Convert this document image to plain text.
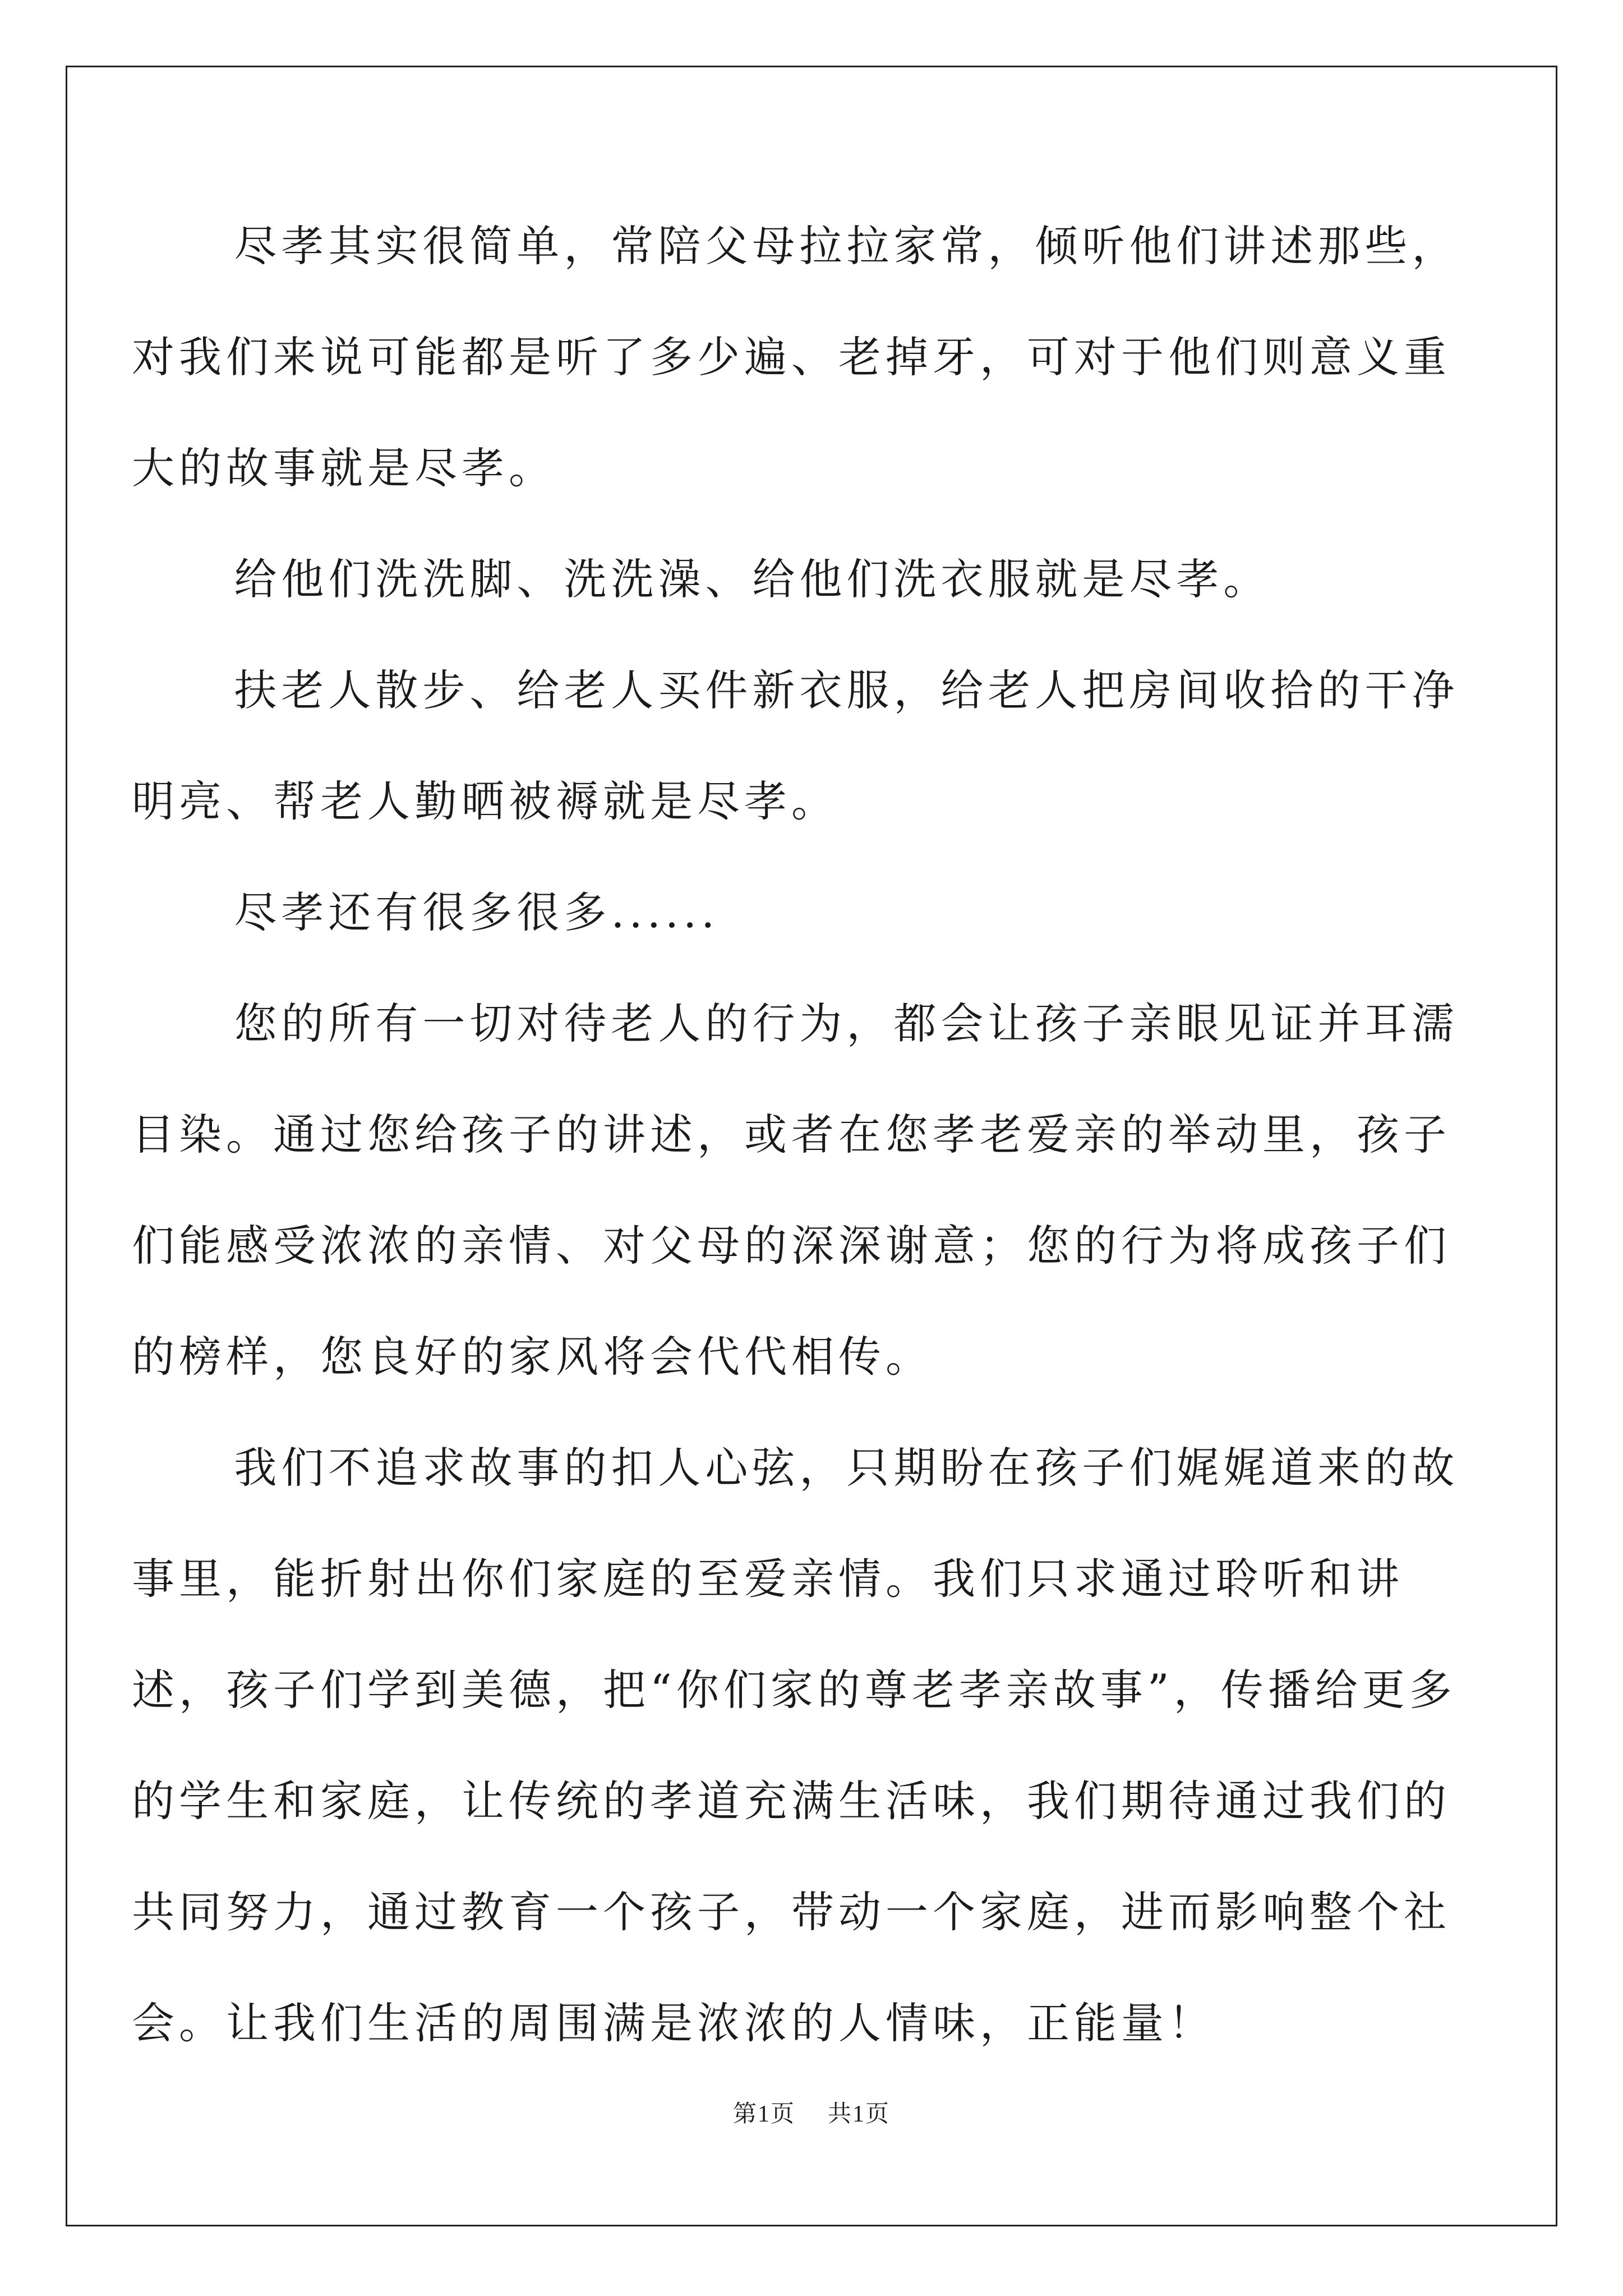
尽孝其实很简单，常陪父母拉拉家常，倾听他们讲述那些，对我们来说可能都是听了多少遍、老掉牙，可对于他们则意义重大的故事就是尽孝。

给他们洗洗脚、洗洗澡、给他们洗衣服就是尽孝。

扶老人散步、给老人买件新衣服，给老人把房间收拾的干净明亮、帮老人勤晒被褥就是尽孝。

尽孝还有很多很多......

您的所有一切对待老人的行为，都会让孩子亲眼见证并耳濡目染。通过您给孩子的讲述，或者在您孝老爱亲的举动里，孩子们能感受浓浓的亲情、对父母的深深谢意；您的行为将成孩子们的榜样，您良好的家风将会代代相传。

我们不追求故事的扣人心弦，只期盼在孩子们娓娓道来的故事里，能折射出你们家庭的至爱亲情。我们只求通过聆听和讲述，孩子们学到美德，把“你们家的尊老孝亲故事”，传播给更多的学生和家庭，让传统的孝道充满生活味，我们期待通过我们的共同努力，通过教育一个孩子，带动一个家庭，进而影响整个社会。让我们生活的周围满是浓浓的人情味，正能量！

第1页 共1页
